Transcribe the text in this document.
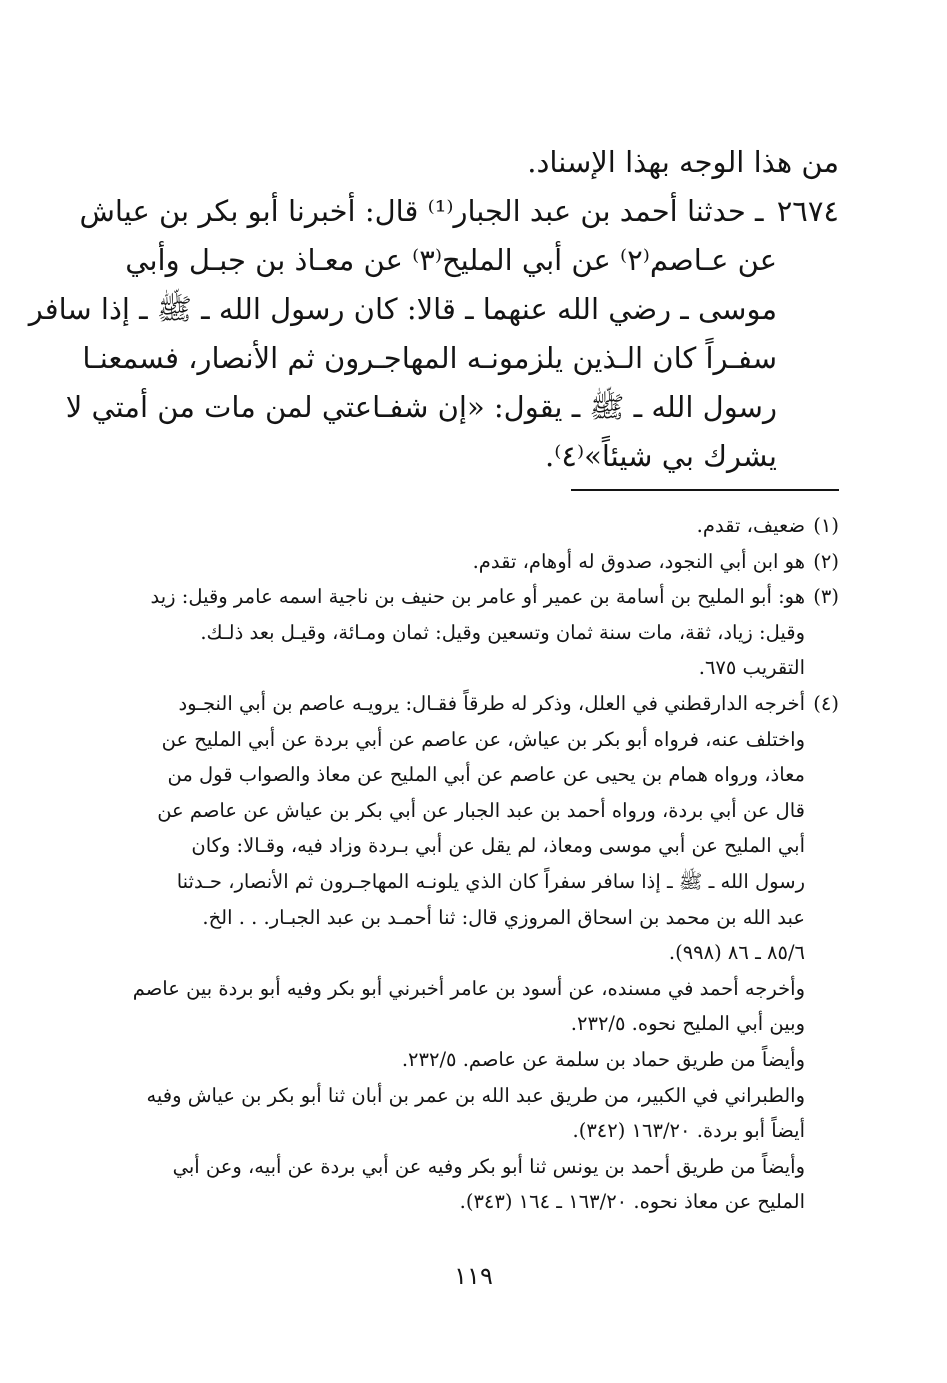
من هذا الوجه بهذا الإسناد.
٢٦٧٤ ـ حدثنا أحمد بن عبد الجبار⁽¹⁾ قال: أخبرنا أبو بكر بن عياش
عن عـاصم⁽٢⁾ عن أبي المليح⁽٣⁾ عن معـاذ بن جبـل وأبي
موسى ـ رضي الله عنهما ـ قالا: كان رسول الله ـ ﷺ ـ إذا سافر
سفـراً كان الـذين يلزمونـه المهاجـرون ثم الأنصار، فسمعنـا
رسول الله ـ ﷺ ـ يقول: «إن شفـاعتي لمن مات من أمتي لا
يشرك بي شيئاً»⁽٤⁾.
(١)ضعيف، تقدم.
(٢)هو ابن أبي النجود، صدوق له أوهام، تقدم.
(٣)هو: أبو المليح بن أسامة بن عمير أو عامر بن حنيف بن ناجية اسمه عامر وقيل: زيد
وقيل: زياد، ثقة، مات سنة ثمان وتسعين وقيل: ثمان ومـائة، وقيـل بعد ذلـك.
التقريب ٦٧٥.
(٤)أخرجه الدارقطني في العلل، وذكر له طرقاً فقـال: يرويـه عاصم بن أبي النجـود
واختلف عنه، فرواه أبو بكر بن عياش، عن عاصم عن أبي بردة عن أبي المليح عن
معاذ، ورواه همام بن يحيى عن عاصم عن أبي المليح عن معاذ والصواب قول من
قال عن أبي بردة، ورواه أحمد بن عبد الجبار عن أبي بكر بن عياش عن عاصم عن
أبي المليح عن أبي موسى ومعاذ، لم يقل عن أبي بـردة وزاد فيه، وقـالا: وكان
رسول الله ـ ﷺ ـ إذا سافر سفراً كان الذي يلونـه المهاجـرون ثم الأنصار، حـدثنا
عبد الله بن محمد بن اسحاق المروزي قال: ثنا أحمـد بن عبد الجبـار. . . الخ.
٨٥/٦ ـ ٨٦ (٩٩٨).
وأخرجه أحمد في مسنده، عن أسود بن عامر أخبرني أبو بكر وفيه أبو بردة بين عاصم
وبين أبي المليح نحوه. ٢٣٢/٥.
وأيضاً من طريق حماد بن سلمة عن عاصم. ٢٣٢/٥.
والطبراني في الكبير، من طريق عبد الله بن عمر بن أبان ثنا أبو بكر بن عياش وفيه
أيضاً أبو بردة. ١٦٣/٢٠ (٣٤٢).
وأيضاً من طريق أحمد بن يونس ثنا أبو بكر وفيه عن أبي بردة عن أبيه، وعن أبي
المليح عن معاذ نحوه. ١٦٣/٢٠ ـ ١٦٤ (٣٤٣).
١١٩
